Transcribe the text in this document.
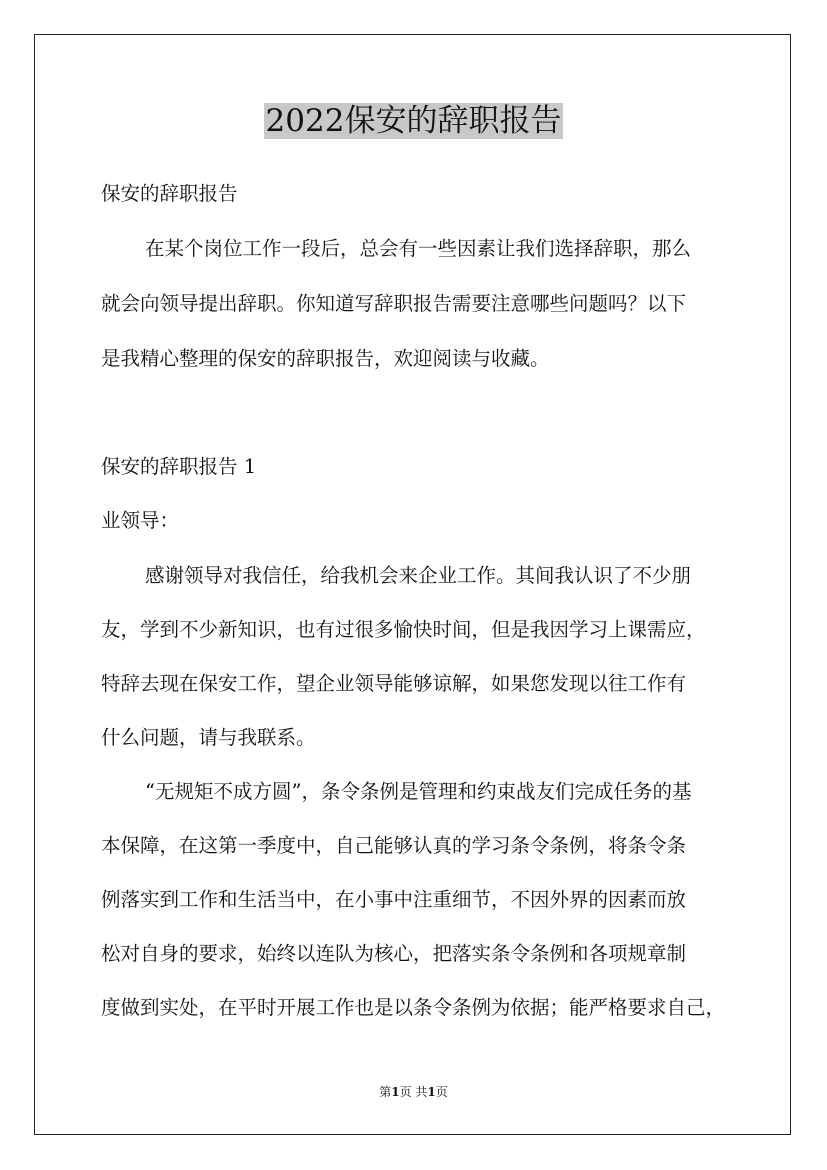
2022保安的辞职报告

保安的辞职报告

在某个岗位工作一段后，总会有一些因素让我们选择辞职，那么

就会向领导提出辞职。你知道写辞职报告需要注意哪些问题吗？以下

是我精心整理的保安的辞职报告，欢迎阅读与收藏。

保安的辞职报告 1

业领导：

感谢领导对我信任，给我机会来企业工作。其间我认识了不少朋

友，学到不少新知识，也有过很多愉快时间，但是我因学习上课需应，

特辞去现在保安工作，望企业领导能够谅解，如果您发现以往工作有

什么问题，请与我联系。

“无规矩不成方圆”，条令条例是管理和约束战友们完成任务的基

本保障，在这第一季度中，自己能够认真的学习条令条例，将条令条

例落实到工作和生活当中，在小事中注重细节，不因外界的因素而放

松对自身的要求，始终以连队为核心，把落实条令条例和各项规章制

度做到实处，在平时开展工作也是以条令条例为依据；能严格要求自己，

第1页 共1页
